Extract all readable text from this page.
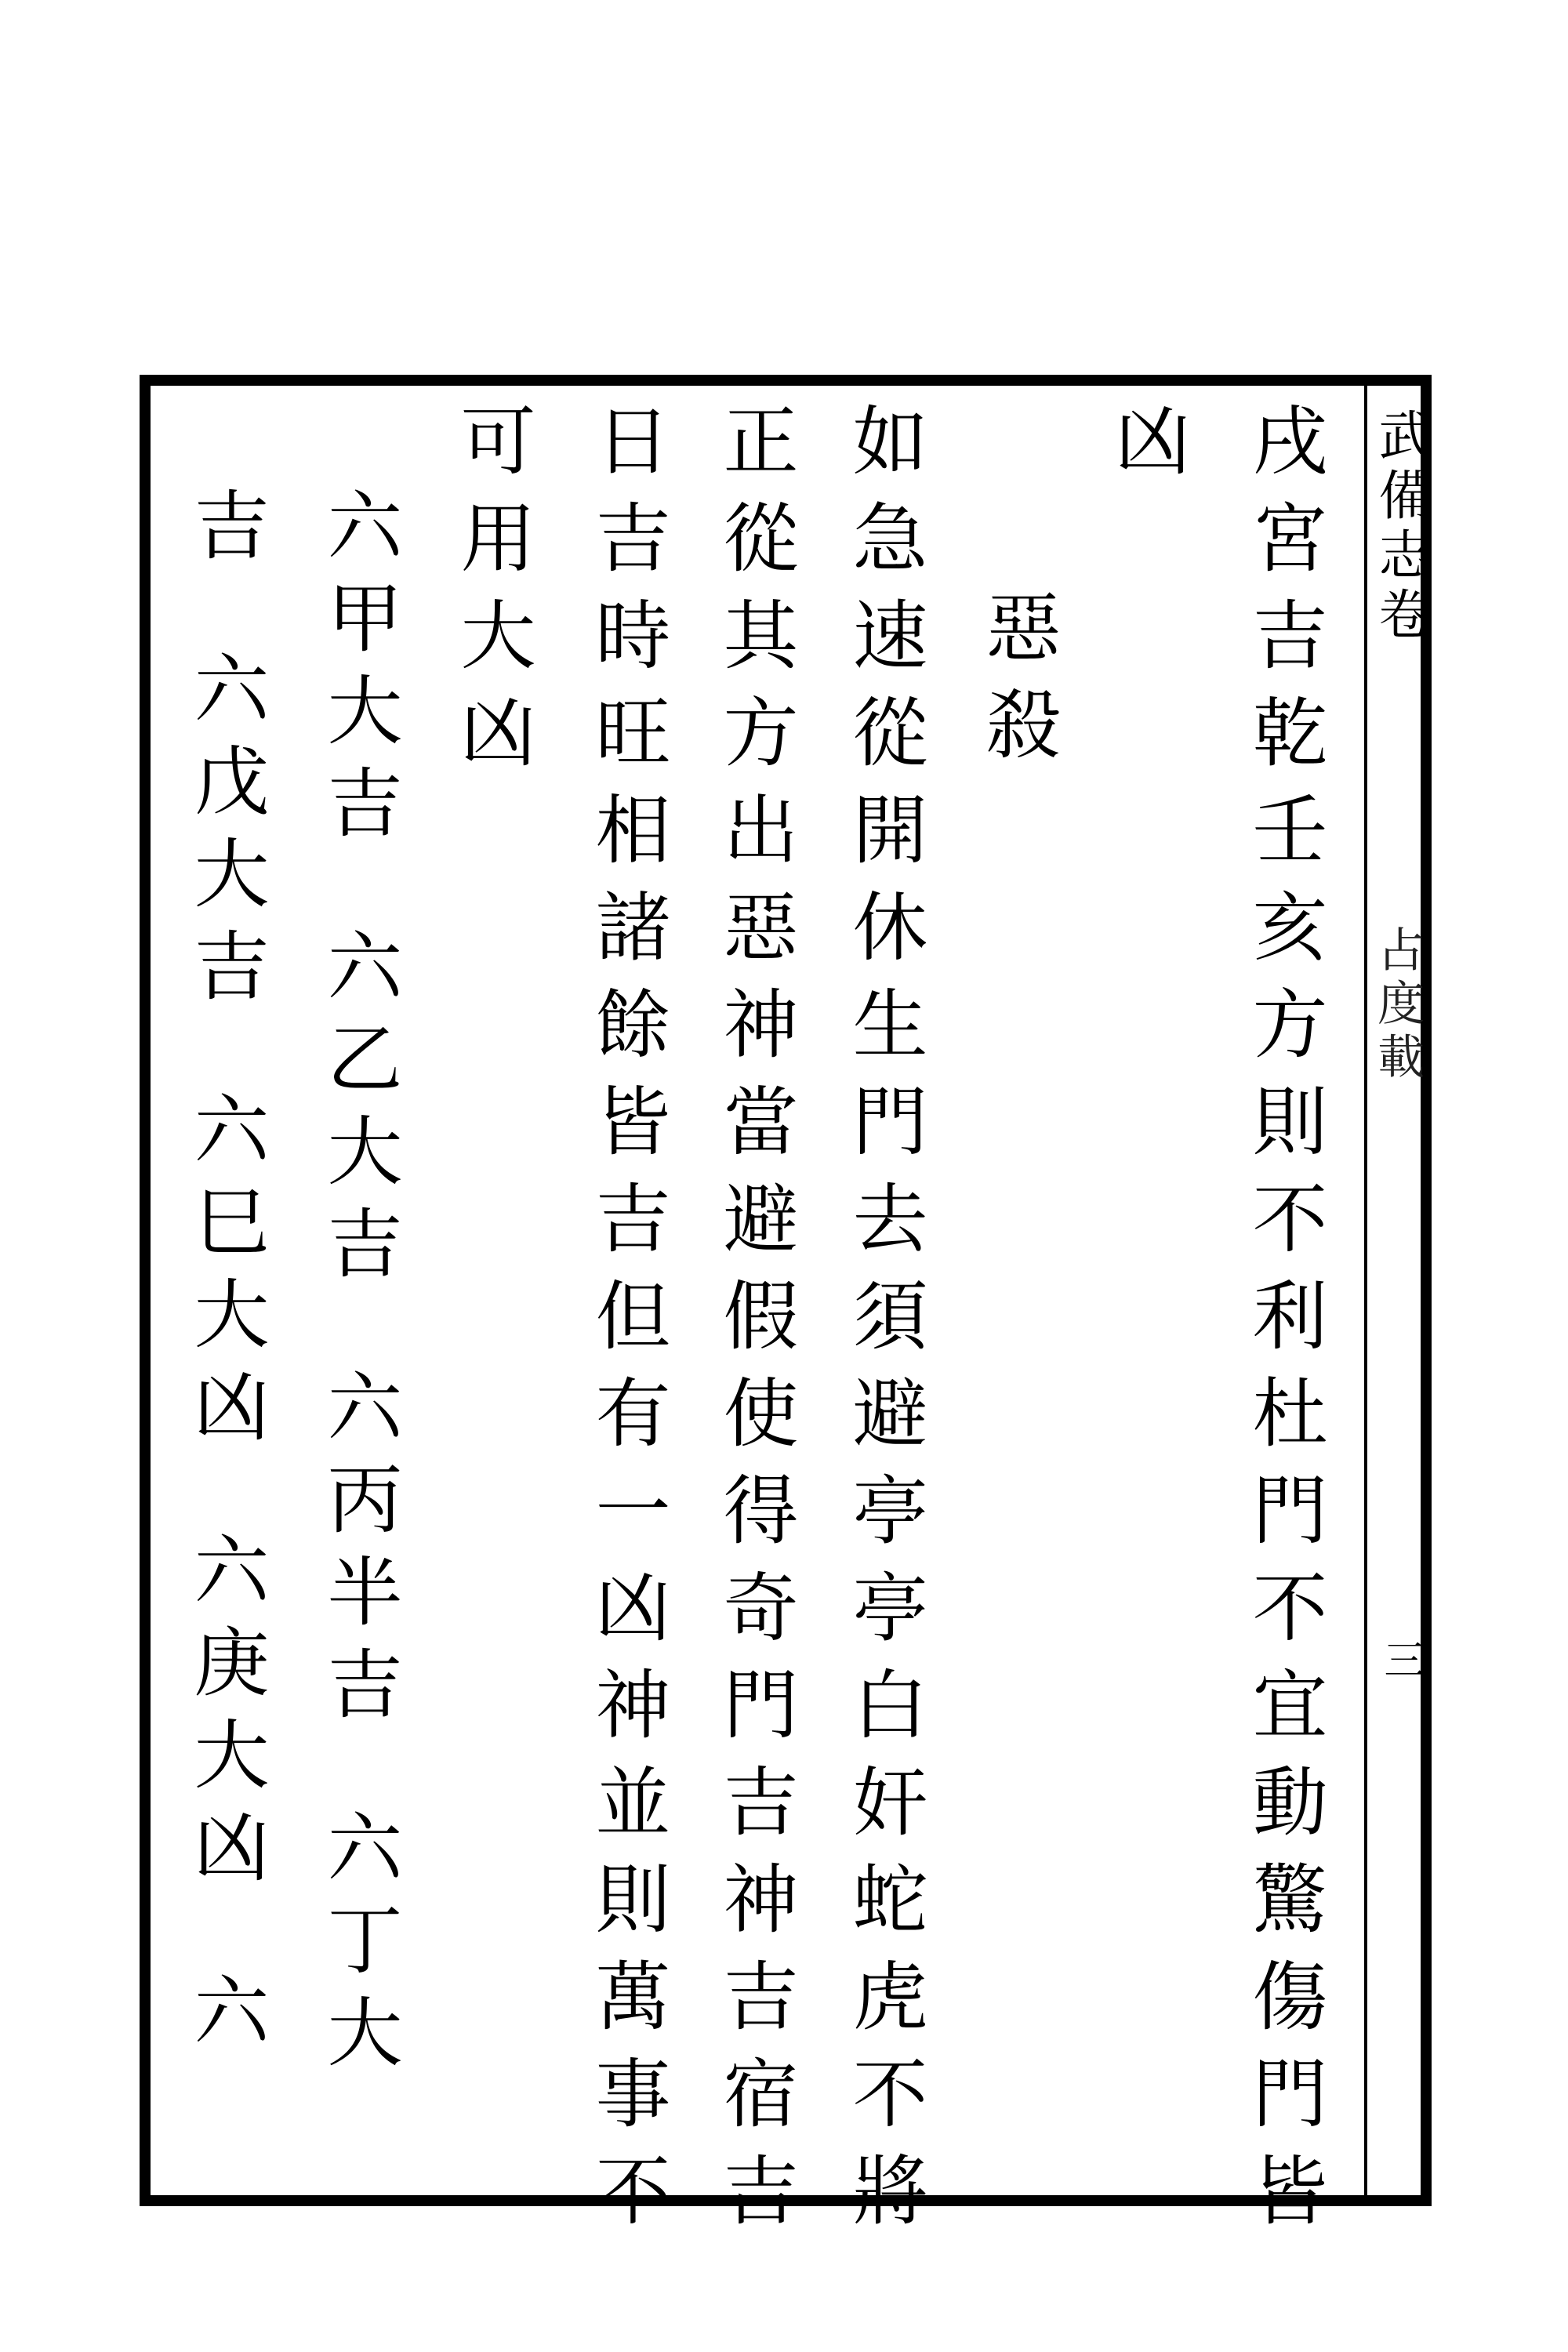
武備志卷
占度載
三
戌宮吉乾壬亥方則不利杜門不宜動驚傷門皆
凶
惡殺
如急速從開休生門去須避亭亭白奸蛇虎不將
正從其方出惡神當避假使得奇門吉神吉宿吉
日吉時旺相諸餘皆吉但有一凶神並則萬事不
可用大凶
六甲大吉六乙大吉六丙半吉六丁大
吉六戊大吉六巳大凶六庚大凶六
